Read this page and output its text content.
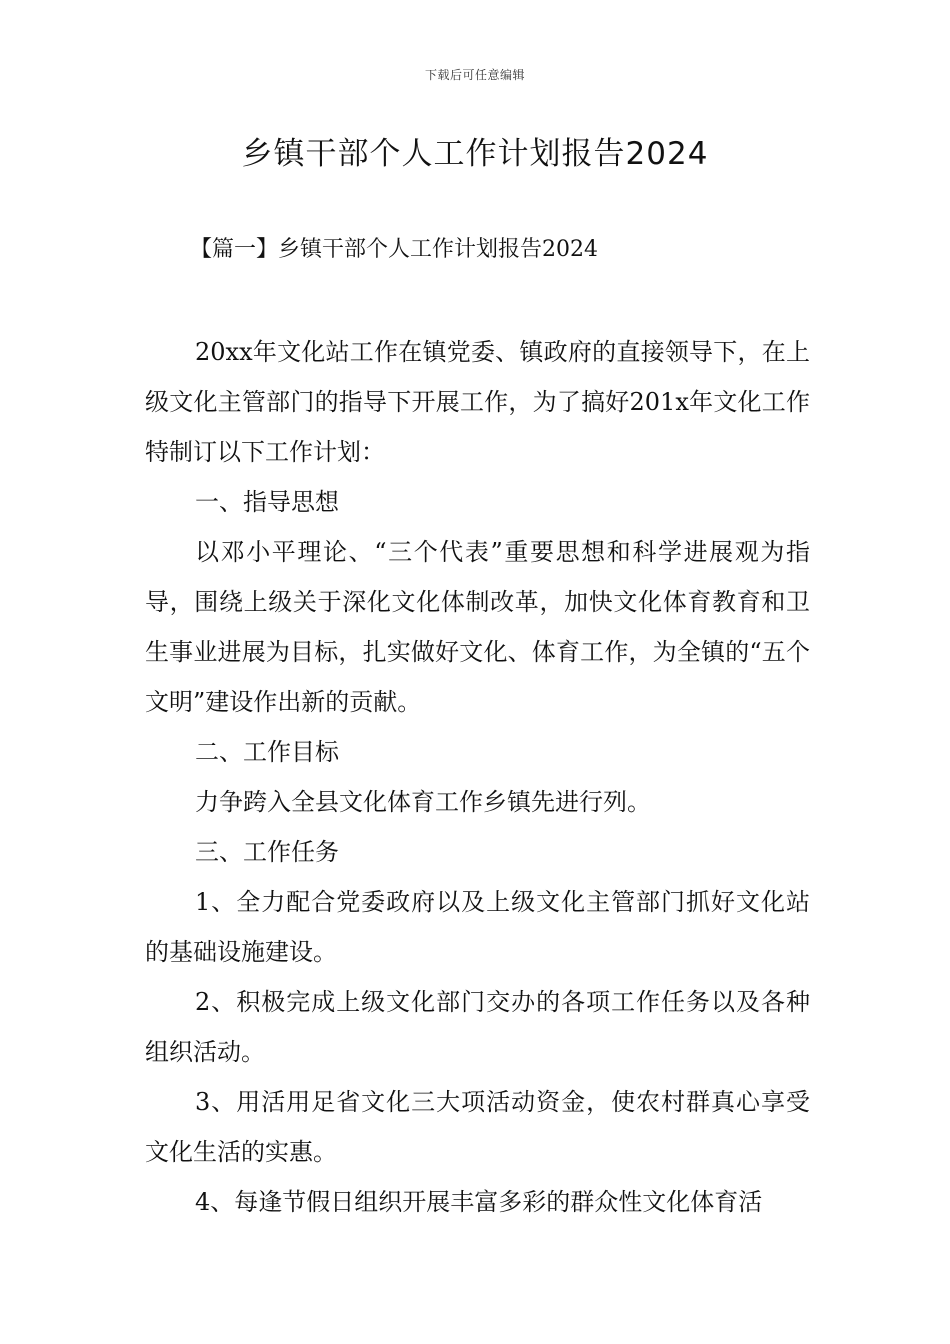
下载后可任意编辑
乡镇干部个人工作计划报告2024
【篇一】乡镇干部个人工作计划报告2024

20xx年文化站工作在镇党委、镇政府的直接领导下，在上级文化主管部门的指导下开展工作，为了搞好201x年文化工作特制订以下工作计划：

一、指导思想

以邓小平理论、“三个代表”重要思想和科学进展观为指导，围绕上级关于深化文化体制改革，加快文化体育教育和卫生事业进展为目标，扎实做好文化、体育工作，为全镇的“五个文明”建设作出新的贡献。

二、工作目标

力争跨入全县文化体育工作乡镇先进行列。

三、工作任务

1、全力配合党委政府以及上级文化主管部门抓好文化站的基础设施建设。

2、积极完成上级文化部门交办的各项工作任务以及各种组织活动。

3、用活用足省文化三大项活动资金，使农村群真心享受文化生活的实惠。

4、每逢节假日组织开展丰富多彩的群众性文化体育活
